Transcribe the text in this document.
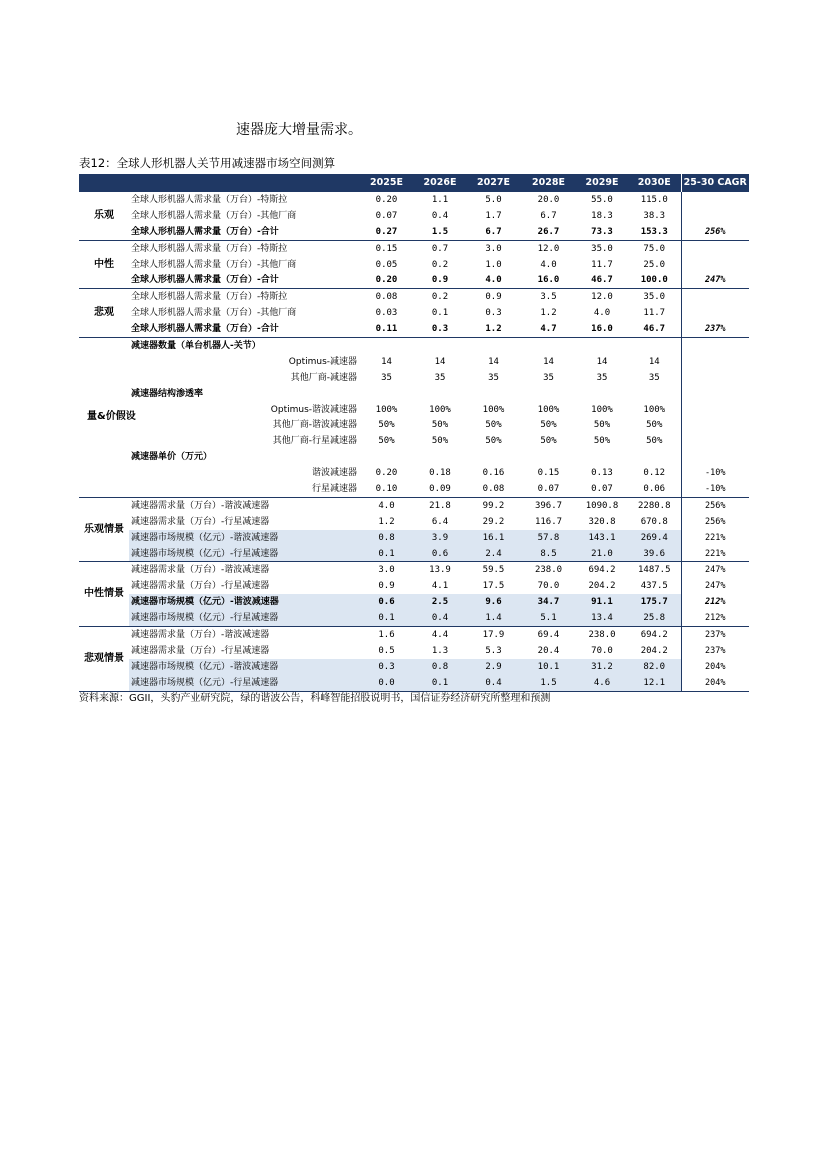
速器庞大增量需求。
表12：全球人形机器人关节用减速器市场空间测算
		2025E	2026E	2027E	2028E	2029E	2030E	25-30 CAGR
乐观	全球人形机器人需求量（万台）-特斯拉	0.20	1.1	5.0	20.0	55.0	115.0	
	全球人形机器人需求量（万台）-其他厂商	0.07	0.4	1.7	6.7	18.3	38.3	
	全球人形机器人需求量（万台）-合计	0.27	1.5	6.7	26.7	73.3	153.3	256%
中性	全球人形机器人需求量（万台）-特斯拉	0.15	0.7	3.0	12.0	35.0	75.0	
	全球人形机器人需求量（万台）-其他厂商	0.05	0.2	1.0	4.0	11.7	25.0	
	全球人形机器人需求量（万台）-合计	0.20	0.9	4.0	16.0	46.7	100.0	247%
悲观	全球人形机器人需求量（万台）-特斯拉	0.08	0.2	0.9	3.5	12.0	35.0	
	全球人形机器人需求量（万台）-其他厂商	0.03	0.1	0.3	1.2	4.0	11.7	
	全球人形机器人需求量（万台）-合计	0.11	0.3	1.2	4.7	16.0	46.7	237%
量&价假设	减速器数量（单台机器人-关节）							
	Optimus-减速器	14	14	14	14	14	14	
	其他厂商-减速器	35	35	35	35	35	35	
	减速器结构渗透率							
	Optimus-谐波减速器	100%	100%	100%	100%	100%	100%	
	其他厂商-谐波减速器	50%	50%	50%	50%	50%	50%	
	其他厂商-行星减速器	50%	50%	50%	50%	50%	50%	
	减速器单价（万元）							
	谐波减速器	0.20	0.18	0.16	0.15	0.13	0.12	-10%
	行星减速器	0.10	0.09	0.08	0.07	0.07	0.06	-10%
乐观情景	减速器需求量（万台）-谐波减速器	4.0	21.8	99.2	396.7	1090.8	2280.8	256%
	减速器需求量（万台）-行星减速器	1.2	6.4	29.2	116.7	320.8	670.8	256%
	减速器市场规模（亿元）-谐波减速器	0.8	3.9	16.1	57.8	143.1	269.4	221%
	减速器市场规模（亿元）-行星减速器	0.1	0.6	2.4	8.5	21.0	39.6	221%
中性情景	减速器需求量（万台）-谐波减速器	3.0	13.9	59.5	238.0	694.2	1487.5	247%
	减速器需求量（万台）-行星减速器	0.9	4.1	17.5	70.0	204.2	437.5	247%
	减速器市场规模（亿元）-谐波减速器	0.6	2.5	9.6	34.7	91.1	175.7	212%
	减速器市场规模（亿元）-行星减速器	0.1	0.4	1.4	5.1	13.4	25.8	212%
悲观情景	减速器需求量（万台）-谐波减速器	1.6	4.4	17.9	69.4	238.0	694.2	237%
	减速器需求量（万台）-行星减速器	0.5	1.3	5.3	20.4	70.0	204.2	237%
	减速器市场规模（亿元）-谐波减速器	0.3	0.8	2.9	10.1	31.2	82.0	204%
	减速器市场规模（亿元）-行星减速器	0.0	0.1	0.4	1.5	4.6	12.1	204%
资料来源：GGII，头豹产业研究院，绿的谐波公告，科峰智能招股说明书，国信证券经济研究所整理和预测
